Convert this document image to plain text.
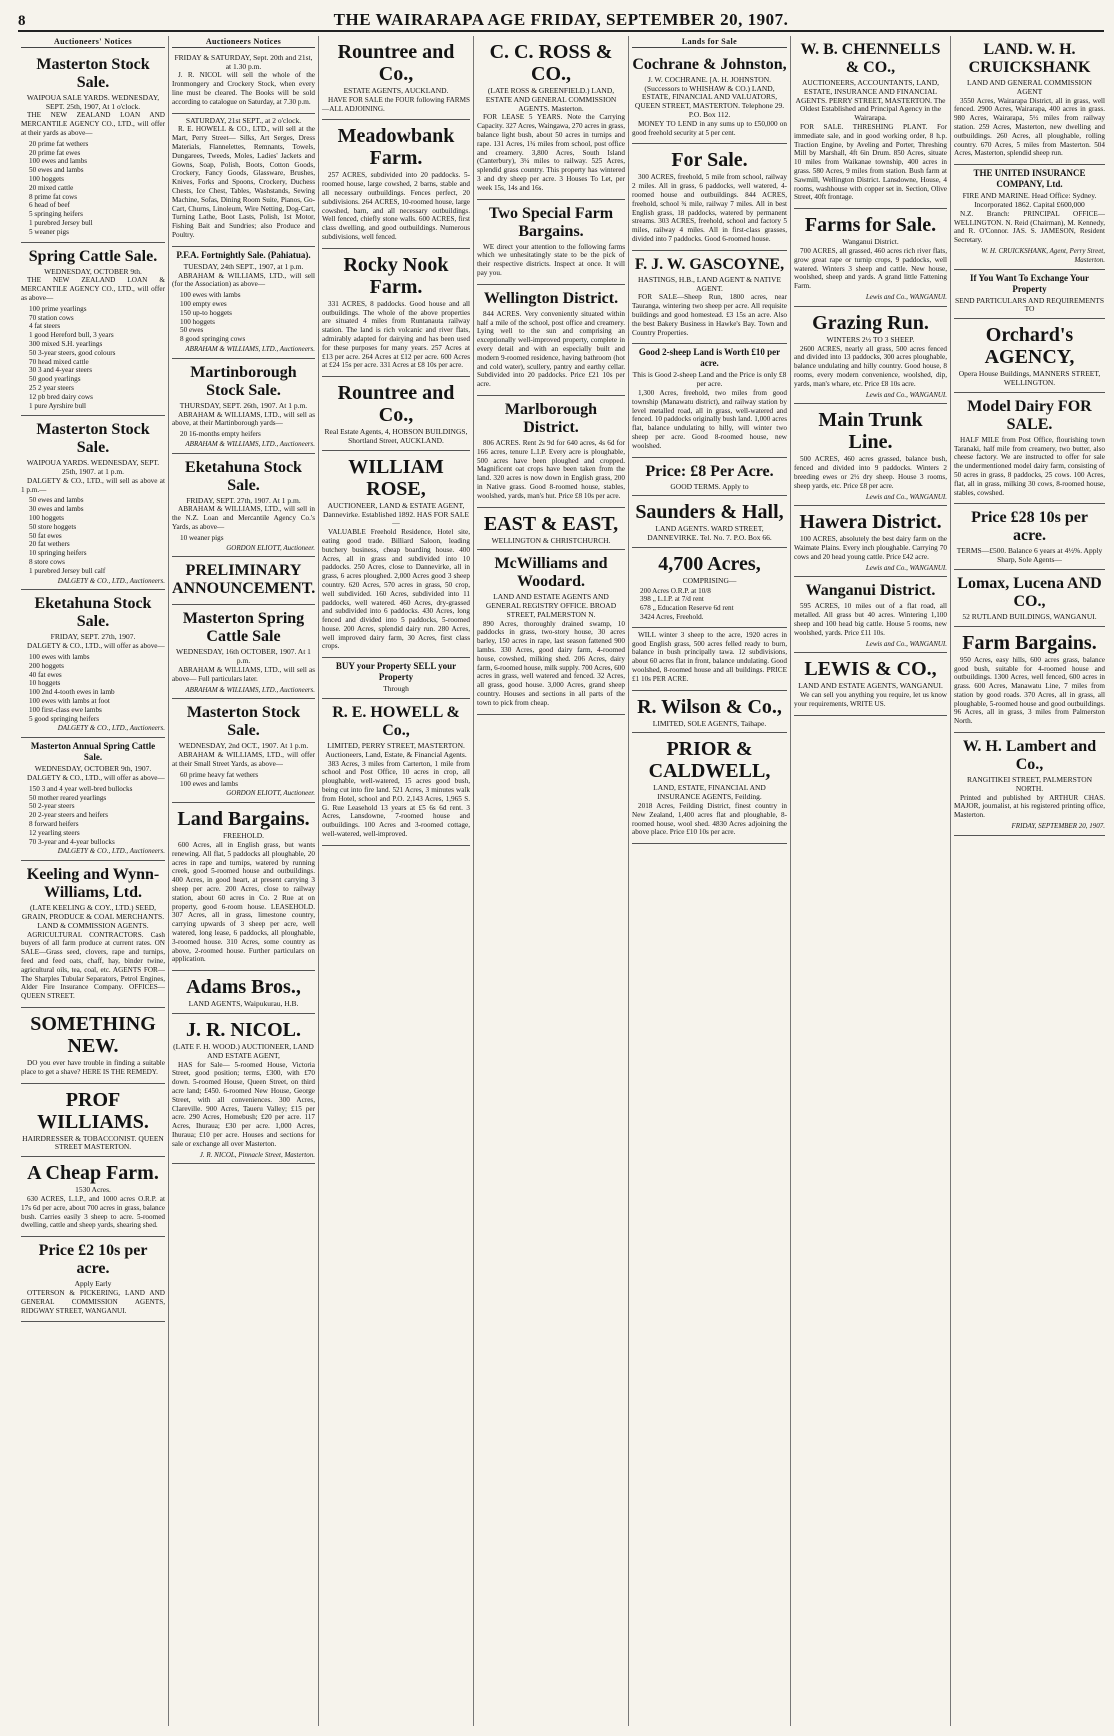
8	THE WAIRARAPA AGE FRIDAY, SEPTEMBER 20, 1907.
Auctioneers' Notices
Masterton Stock Sale.
WAIPOUA SALE YARDS. WEDNESDAY, SEPT. 25th, 1907, At 1 o'clock.

THE NEW ZEALAND LOAN AND MERCANTILE AGENCY CO., LTD., will offer at their yards as above—

20 prime fat wethers
20 prime fat ewes
100 ewes and lambs
50 ewes and lambs
100 hoggets
20 mixed cattle
8 prime fat cows
6 head of beef
5 springing heifers
1 purebred Jersey bull
5 weaner pigs
Spring Cattle Sale.
WEDNESDAY, OCTOBER 9th.

THE NEW ZEALAND LOAN & MERCANTILE AGENCY CO., LTD., will offer as above—

100 prime yearlings
70 station cows
4 fat steers
1 good Hereford bull, 3 years
300 mixed S.H. yearlings
50 3-year steers, good colours
70 head mixed cattle
30 3 and 4-year steers
50 good yearlings
25 2 year steers
12 pb bred dairy cows
1 pure Ayrshire bull
Masterton Stock Sale.
WAIPOUA YARDS. WEDNESDAY, SEPT. 25th, 1907. at 1 p.m.

DALGETY & CO., LTD., will sell as above at 1 p.m.—

50 ewes and lambs
30 ewes and lambs
100 hoggets
50 store hoggets
50 fat ewes
20 fat wethers
10 springing heifers
8 store cows
1 purebred Jersey bull calf
DALGETY & CO., LTD., Auctioneers.
Eketahuna Stock Sale.
FRIDAY, SEPT. 27th, 1907.

DALGETY & CO., LTD., will offer as above—

100 ewes with lambs
200 hoggets
40 fat ewes
10 hoggets
100 2nd 4-tooth ewes in lamb
100 ewes with lambs at foot
100 first-class ewe lambs
5 good springing heifers
DALGETY & CO., LTD., Auctioneers.
Masterton Annual Spring Cattle Sale.
WEDNESDAY, OCTOBER 9th, 1907.

DALGETY & CO., LTD., will offer as above—

150 3 and 4 year well-bred bullocks
50 mother reared yearlings
50 2-year steers
20 2-year steers and heifers
8 forward heifers
12 yearling steers
70 3-year and 4-year bullocks
DALGETY & CO., LTD., Auctioneers.
Keeling and Wynn-Williams, Ltd.
(LATE KEELING & COY., LTD.) SEED, GRAIN, PRODUCE & COAL MERCHANTS. LAND & COMMISSION AGENTS.

AGRICULTURAL CONTRACTORS. Cash buyers of all farm produce at current rates. ON SALE—Grass seed, clovers, rape and turnips, feed and feed oats, chaff, hay, binder twine, agricultural oils, tea, coal, etc. AGENTS FOR—The Sharples Tubular Separators, Petrol Engines, Alder Fire Insurance Company. OFFICES—QUEEN STREET.

SOMETHING NEW.

DO you ever have trouble in finding a suitable place to get a shave? HERE IS THE REMEDY.

PROF WILLIAMS.
HAIRDRESSER & TOBACCONIST. QUEEN STREET MASTERTON.
A Cheap Farm.
1530 Acres.

630 ACRES, L.I.P., and 1000 acres O.R.P. at 17s 6d per acre, about 700 acres in grass, balance bush. Carries easily 3 sheep to acre. 5-roomed dwelling, cattle and sheep yards, shearing shed.

Price £2 10s per acre.
Apply Early

OTTERSON & PICKERING, LAND AND GENERAL COMMISSION AGENTS, RIDGWAY STREET, WANGANUI.

Auctioneers Notices
FRIDAY & SATURDAY, Sept. 20th and 21st, at 1.30 p.m.

J. R. NICOL will sell the whole of the Ironmongery and Crockery Stock, when every line must be cleared. The Books will be sold according to catalogue on Saturday, at 7.30 p.m.

SATURDAY, 21st SEPT., at 2 o'clock.

R. E. HOWELL & CO., LTD., will sell at the Mart, Perry Street— Silks, Art Serges, Dress Materials, Flannelettes, Remnants, Towels, Dungarees, Tweeds, Moles, Ladies' Jackets and Gowns, Soap, Polish, Boots, Cotton Goods, Crockery, Fancy Goods, Glassware, Brushes, Knives, Forks and Spoons, Crockery, Duchess Chests, Ice Chest, Tables, Washstands, Sewing Machine, Sofas, Dining Room Suite, Pianos, Go-Cart, Churns, Linoleum, Wire Netting, Dog-Cart, Turning Lathe, Boot Lasts, Polish, 1st Motor, Fishing Bait and Sundries; also Produce and Poultry.

P.F.A. Fortnightly Sale. (Pahiatua).
TUESDAY, 24th SEPT., 1907, at 1 p.m.

ABRAHAM & WILLIAMS, LTD., will sell (for the Association) as above—

100 ewes with lambs
100 empty ewes
150 up-to hoggets
100 hoggets
50 ewes
8 good springing cows
ABRAHAM & WILLIAMS, LTD., Auctioneers.
Martinborough Stock Sale.
THURSDAY, SEPT. 26th, 1907. At 1 p.m.

ABRAHAM & WILLIAMS, LTD., will sell as above, at their Martinborough yards—

20 16-months empty heifers
ABRAHAM & WILLIAMS, LTD., Auctioneers.
Eketahuna Stock Sale.
FRIDAY, SEPT. 27th, 1907. At 1 p.m.

ABRAHAM & WILLIAMS, LTD., will sell in the N.Z. Loan and Mercantile Agency Co.'s Yards, as above—

10 weaner pigs
GORDON ELIOTT, Auctioneer.
PRELIMINARY ANNOUNCEMENT.
Masterton Spring Cattle Sale
WEDNESDAY, 16th OCTOBER, 1907. At 1 p.m.

ABRAHAM & WILLIAMS, LTD., will sell as above— Full particulars later.

ABRAHAM & WILLIAMS, LTD., Auctioneers.
Masterton Stock Sale.
WEDNESDAY, 2nd OCT., 1907. At 1 p.m.

ABRAHAM & WILLIAMS, LTD., will offer at their Small Street Yards, as above—

60 prime heavy fat wethers
100 ewes and lambs
GORDON ELIOTT, Auctioneer.
Land Bargains.
FREEHOLD.

600 Acres, all in English grass, but wants renewing. All flat, 5 paddocks all ploughable, 20 acres in rape and turnips, watered by running creek, good 5-roomed house and outbuildings. 400 Acres, in good heart, at present carrying 3 sheep per acre. 200 Acres, close to railway station, about 60 acres in Co. 2 Rue at on property, good 6-room house. LEASEHOLD. 307 Acres, all in grass, limestone country, carrying upwards of 3 sheep per acre, well watered, long lease, 6 paddocks, all ploughable, 3-roomed house. 310 Acres, some country as above, 2-roomed house. Further particulars on application.

Adams Bros.,
LAND AGENTS, Waipukurau, H.B.
J. R. NICOL.
(LATE F. H. WOOD.) AUCTIONEER, LAND AND ESTATE AGENT,

HAS for Sale— 5-roomed House, Victoria Street, good position; terms, £300, with £70 down. 5-roomed House, Queen Street, on third acre land; £450. 6-roomed New House, George Street, with all conveniences. 300 Acres, Clareville. 900 Acres, Taueru Valley; £15 per acre. 290 Acres, Homebush; £20 per acre. 117 Acres, Ihuraua; £30 per acre. 1,000 Acres, Ihuraua; £10 per acre. Houses and sections for sale or exchange all over Masterton.

J. R. NICOL, Pinnacle Street, Masterton.
Rountree and Co.,
ESTATE AGENTS, AUCKLAND.

HAVE FOR SALE the FOUR following FARMS—ALL ADJOINING.

Meadowbank Farm.

257 ACRES, subdivided into 20 paddocks. 5-roomed house, large cowshed, 2 barns, stable and all necessary outbuildings. Fences perfect, 20 subdivisions. 264 ACRES, 10-roomed house, large cowshed, barn, and all necessary outbuildings. Well fenced, chiefly stone walls. 600 ACRES, first class dwelling, and good outbuildings. Numerous subdivisions, well fenced.

Rocky Nook Farm.

331 ACRES, 8 paddocks. Good house and all outbuildings. The whole of the above properties are situated 4 miles from Runtanauta railway station. The land is rich volcanic and river flats, admirably adapted for dairying and has been used for these purposes for many years. 257 Acres at £13 per acre. 264 Acres at £12 per acre. 600 Acres at £24 15s per acre. 331 Acres at £8 10s per acre.

Rountree and Co.,
Real Estate Agents, 4, HOBSON BUILDINGS, Shortland Street, AUCKLAND.
WILLIAM ROSE,
AUCTIONEER, LAND & ESTATE AGENT, Dannevirke. Established 1892. HAS FOR SALE—

VALUABLE Freehold Residence, Hotel site, eating good trade. Billiard Saloon, leading butchery business, cheap boarding house. 400 Acres, all in grass and subdivided into 10 paddocks. 250 Acres, close to Dannevirke, all in grass, 6 acres ploughed. 2,000 Acres good 3 sheep country. 620 Acres, 570 acres in grass, 50 crop, well subdivided. 160 Acres, subdivided into 11 paddocks, well watered. 460 Acres, dry-grassed and subdivided into 6 paddocks. 430 Acres, long fenced and divided into 5 paddocks, 5-roomed house. 200 Acres, splendid dairy run. 280 Acres, well improved dairy farm, 30 Acres, first class crops.

BUY your Property SELL your Property
Through
R. E. HOWELL & Co.,
LIMITED, PERRY STREET, MASTERTON. Auctioneers, Land, Estate, & Financial Agents.

383 Acres, 3 miles from Carterton, 1 mile from school and Post Office, 10 acres in crop, all ploughable, well-watered, 15 acres good bush, being cut into fire land. 521 Acres, 3 minutes walk from Hotel, school and P.O. 2,143 Acres, 1,965 S. G. Rue Leasehold 13 years at £5 6s 6d rent. 3 Acres, Lansdowne, 7-roomed house and outbuildings. 100 Acres and 3-roomed cottage, well-watered, well-improved.

C. C. ROSS & CO.,
(LATE ROSS & GREENFIELD.) LAND, ESTATE AND GENERAL COMMISSION AGENTS. Masterton.

FOR LEASE 5 YEARS. Note the Carrying Capacity. 327 Acres, Waingawa, 270 acres in grass, balance light bush, about 50 acres in turnips and rape. 131 Acres, 1¾ miles from school, post office and creamery. 3,800 Acres, South Island (Canterbury), 3¼ miles to railway. 525 Acres, splendid grass country. This property has wintered 3 and dry sheep per acre. 3 Houses To Let, per week 15s, 14s and 16s.

Two Special Farm Bargains.

WE direct your attention to the following farms which we unhesitatingly state to be the pick of their respective districts. Inspect at once. It will pay you.

Wellington District.

844 ACRES. Very conveniently situated within half a mile of the school, post office and creamery. Lying well to the sun and comprising an exceptionally well-improved property, complete in every detail and with an especially built and modern 9-roomed residence, having bathroom (hot and cold water), scullery, pantry and earthy cellar. Subdivided into 20 paddocks. Price £21 10s per acre.

Marlborough District.

806 ACRES. Rent 2s 9d for 640 acres, 4s 6d for 166 acres, tenure L.I.P. Every acre is ploughable, 500 acres have been ploughed and cropped. Magnificent oat crops have been taken from the land. 320 acres is now down in English grass, 200 in Native grass. Good 8-roomed house, stables, woolshed, yards, man's hut. Price £8 10s per acre.

EAST & EAST,
WELLINGTON & CHRISTCHURCH.
McWilliams and Woodard.
LAND AND ESTATE AGENTS AND GENERAL REGISTRY OFFICE. BROAD STREET, PALMERSTON N.

890 Acres, thoroughly drained swamp, 10 paddocks in grass, two-story house, 30 acres barley, 150 acres in rape, last season fattened 900 lambs. 330 Acres, good dairy farm, 4-roomed house, cowshed, milking shed. 206 Acres, dairy farm, 6-roomed house, milk supply. 700 Acres, 600 acres in grass, well watered and fenced. 32 Acres, all grass, good house. 3,000 Acres, grand sheep country. Houses and sections in all parts of the town to pick from cheap.

Lands for Sale
Cochrane & Johnston,
J. W. COCHRANE. [A. H. JOHNSTON. (Successors to WHISHAW & CO.) LAND, ESTATE, FINANCIAL AND VALUATORS, QUEEN STREET, MASTERTON. Telephone 29. P.O. Box 112.

MONEY TO LEND in any sums up to £50,000 on good freehold security at 5 per cent.

For Sale.

300 ACRES, freehold, 5 mile from school, railway 2 miles. All in grass, 6 paddocks, well watered, 4-roomed house and outbuildings. 844 ACRES, freehold, school ¾ mile, railway 7 miles. All in best English grass, 18 paddocks, watered by permanent streams. 303 ACRES, freehold, school and factory 5 miles, railway 4 miles. All in first-class grasses, divided into 7 paddocks. Good 6-roomed house.

F. J. W. GASCOYNE,
HASTINGS, H.B., LAND AGENT & NATIVE AGENT.

FOR SALE—Sheep Run, 1800 acres, near Tauranga, wintering two sheep per acre. All requisite buildings and good homestead. £3 15s an acre. Also the best Bakery Business in Hawke's Bay. Town and Country Properties.

Good 2-sheep Land is Worth £10 per acre.
This is Good 2-sheep Land and the Price is only £8 per acre.

1,300 Acres, freehold, two miles from good township (Manawatu district), and railway station by level metalled road, all in grass, well-watered and fenced. 10 paddocks originally bush land. 1,000 acres flat, balance undulating to hilly, will winter two sheep per acre. Good 8-roomed house, new woolshed.

Price: £8 Per Acre.
GOOD TERMS. Apply to
Saunders & Hall,
LAND AGENTS. WARD STREET, DANNEVIRKE. Tel. No. 7. P.O. Box 66.
4,700 Acres,
COMPRISING—
200 Acres O.R.P. at 10/8
398 „ L.I.P. at 7/d rent
678 „ Education Reserve 6d rent
3424 Acres, Freehold.

WILL winter 3 sheep to the acre, 1920 acres in good English grass, 500 acres felled ready to burn, balance in bush principally tawa. 12 subdivisions, about 60 acres flat in front, balance undulating. Good woolshed, 8-roomed house and all buildings. PRICE £1 10s PER ACRE.

R. Wilson & Co.,
LIMITED, SOLE AGENTS, Taihape.
PRIOR & CALDWELL,
LAND, ESTATE, FINANCIAL AND INSURANCE AGENTS, Feilding.

2018 Acres, Feilding District, finest country in New Zealand, 1,400 acres flat and ploughable, 8-roomed house, wool shed. 4830 Acres adjoining the above place. Price £10 10s per acre.

W. B. CHENNELLS & CO.,
AUCTIONEERS, ACCOUNTANTS, LAND, ESTATE, INSURANCE AND FINANCIAL AGENTS. PERRY STREET, MASTERTON. The Oldest Established and Principal Agency in the Wairarapa.

FOR SALE. THRESHING PLANT. For immediate sale, and in good working order, 8 h.p. Traction Engine, by Aveling and Porter, Threshing Mill by Marshall, 4ft 6in Drum. 850 Acres, situate 10 miles from Waikanae township, 400 acres in grass. 580 Acres, 9 miles from station. Bush farm at Sawmill, Wellington District. Lansdowne, House, 4 rooms, washhouse with copper set in. Section, Olive Street, 40ft frontage.

Farms for Sale.
Wanganui District.

700 ACRES, all grassed, 460 acres rich river flats, grow great rape or turnip crops, 9 paddocks, well watered. Winters 3 sheep and cattle. New house, woolshed, sheep and yards. A grand little Fattening Farm.

Lewis and Co., WANGANUI.
Grazing Run.
WINTERS 2½ TO 3 SHEEP.

2600 ACRES, nearly all grass, 500 acres fenced and divided into 13 paddocks, 300 acres ploughable, balance undulating and hilly country. Good house, 8 rooms, every modern convenience, woolshed, dip, yards, man's whare, etc. Price £8 10s acre.

Lewis and Co., WANGANUI.
Main Trunk Line.

500 ACRES, 460 acres grassed, balance bush, fenced and divided into 9 paddocks. Winters 2 breeding ewes or 2½ dry sheep. House 3 rooms, sheep yards, etc. Price £8 per acre.

Lewis and Co., WANGANUI.
Hawera District.

100 ACRES, absolutely the best dairy farm on the Waimate Plains. Every inch ploughable. Carrying 70 cows and 20 head young cattle. Price £42 acre.

Lewis and Co., WANGANUI.
Wanganui District.

595 ACRES, 10 miles out of a flat road, all metalled. All grass but 40 acres. Wintering 1,100 sheep and 100 head big cattle. House 5 rooms, new woolshed, yards. Price £11 10s.

Lewis and Co., WANGANUI.
LEWIS & CO.,
LAND AND ESTATE AGENTS, WANGANUI.

We can sell you anything you require, let us know your requirements, WRITE US.

LAND. W. H. CRUICKSHANK
LAND AND GENERAL COMMISSION AGENT

3550 Acres, Wairarapa District, all in grass, well fenced. 2900 Acres, Wairarapa, 400 acres in grass. 980 Acres, Wairarapa, 5½ miles from railway station. 259 Acres, Masterton, new dwelling and outbuildings. 260 Acres, all ploughable, rolling country. 670 Acres, 5 miles from Masterton. 504 Acres, Masterton, splendid sheep run.

THE UNITED INSURANCE COMPANY, Ltd.
FIRE AND MARINE. Head Office: Sydney. Incorporated 1862. Capital £600,000

N.Z. Branch: PRINCIPAL OFFICE—WELLINGTON. N. Reid (Chairman), M. Kennedy, and R. O'Connor. JAS. S. JAMESON, Resident Secretary.

W. H. CRUICKSHANK, Agent, Perry Street, Masterton.
If You Want To Exchange Your Property
SEND PARTICULARS AND REQUIREMENTS TO
Orchard's AGENCY,
Opera House Buildings, MANNERS STREET, WELLINGTON.
Model Dairy FOR SALE.

HALF MILE from Post Office, flourishing town Taranaki, half mile from creamery, two butter, also cheese factory. We are instructed to offer for sale the undermentioned model dairy farm, consisting of 50 acres in grass, 8 paddocks, 25 cows. 100 Acres, flat, all in grass, milking 30 cows, 8-roomed house, stables, cowshed.

Price £28 10s per acre.
TERMS—£500. Balance 6 years at 4½%. Apply Sharp, Sole Agents—
Lomax, Lucena AND CO.,
52 RUTLAND BUILDINGS, WANGANUI.
Farm Bargains.

950 Acres, easy hills, 600 acres grass, balance good bush, suitable for 4-roomed house and outbuildings. 1300 Acres, well fenced, 600 acres in grass. 600 Acres, Manawatu Line, 7 miles from station by good roads. 370 Acres, all in grass, all ploughable, 5-roomed house and good outbuildings. 96 Acres, all in grass, 3 miles from Palmerston North.

W. H. Lambert and Co.,
RANGITIKEI STREET, PALMERSTON NORTH.

Printed and published by ARTHUR CHAS. MAJOR, journalist, at his registered printing office, Masterton.

FRIDAY, SEPTEMBER 20, 1907.
